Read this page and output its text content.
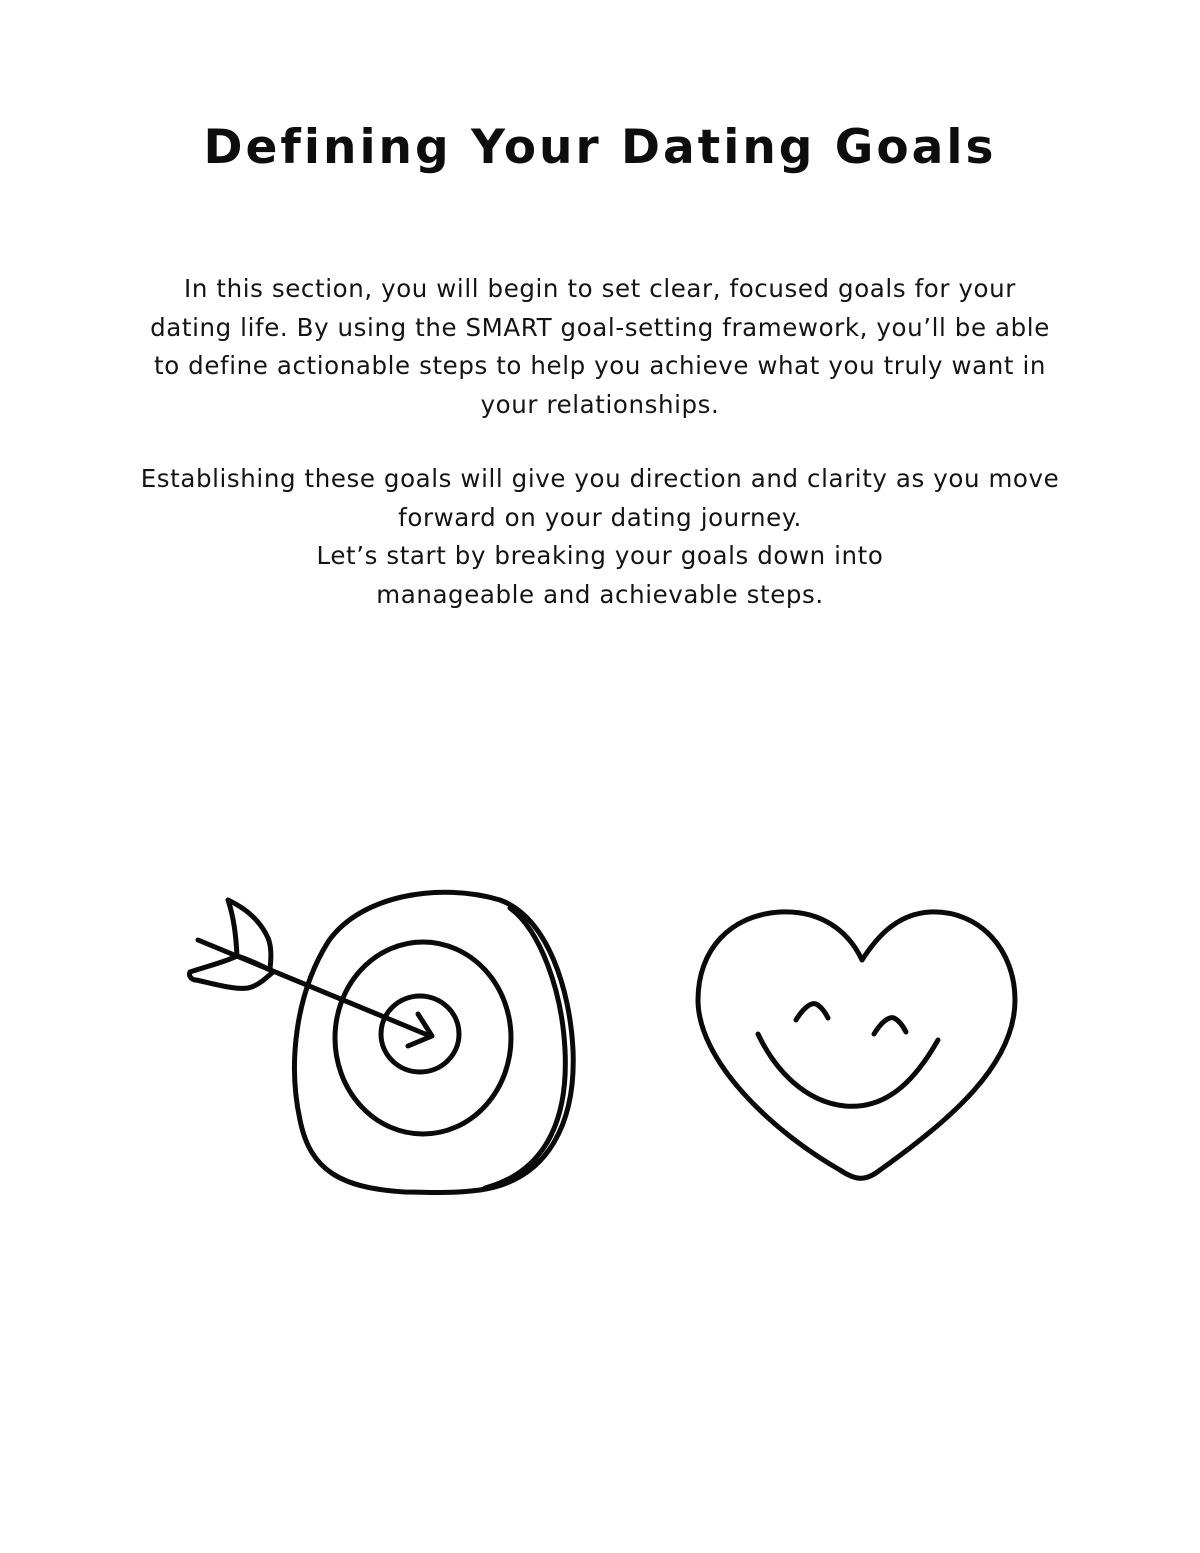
Defining Your Dating Goals

In this section, you will begin to set clear, focused goals for your dating life. By using the SMART goal-setting framework, you’ll be able to define actionable steps to help you achieve what you truly want in your relationships.

Establishing these goals will give you direction and clarity as you move forward on your dating journey.

Let’s start by breaking your goals down into manageable and achievable steps.
